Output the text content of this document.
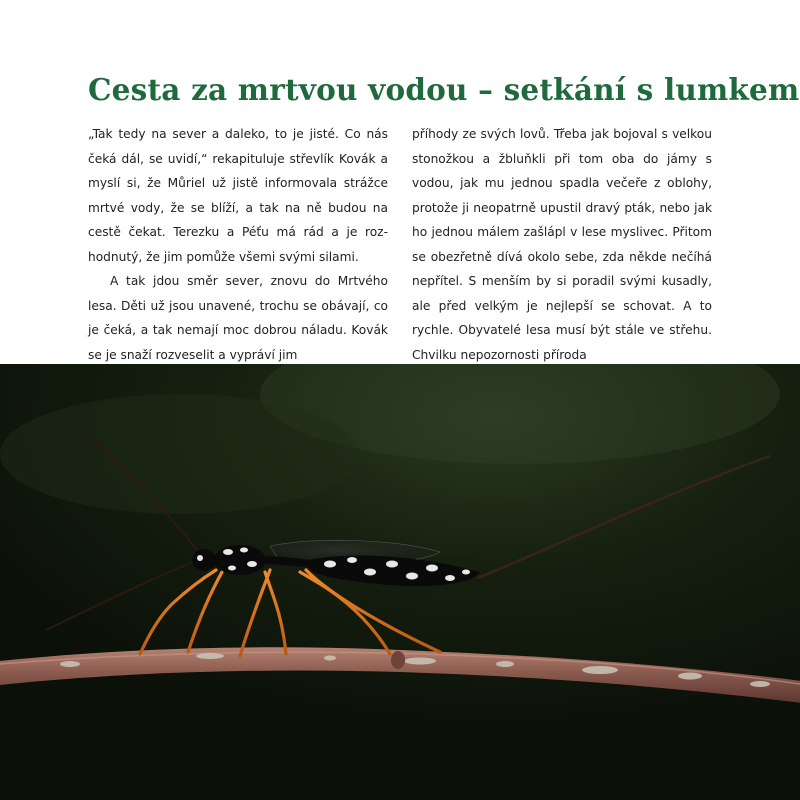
Cesta za mrtvou vodou – setkání s lumkem

„Tak tedy na sever a daleko, to je jisté. Co nás čeká dál, se uvidí,“ rekapituluje střevlík Kovák a myslí si, že Můriel už jistě informovala strážce mrtvé vody, že se blíží, a tak na ně budou na cestě čekat. Terezku a Péťu má rád a je rozhodnutý, že jim pomůže všemi svými silami.

A tak jdou směr sever, znovu do Mrtvého lesa. Děti už jsou unavené, trochu se obávají, co je čeká, a tak nemají moc dobrou náladu. Kovák se je snaží rozveselit a vypráví jim

příhody ze svých lovů. Třeba jak bojoval s velkou stonožkou a žbluňkli při tom oba do jámy s vodou, jak mu jednou spadla večeře z oblohy, protože ji neopatrně upustil dravý pták, nebo jak ho jednou málem zašlápl v lese myslivec. Přitom se obezřetně dívá okolo sebe, zda někde nečíhá nepřítel. S menším by si poradil svými kusadly, ale před velkým je nejlepší se schovat. A to rychle. Obyvatelé lesa musí být stále ve střehu. Chvilku nepozornosti příroda
